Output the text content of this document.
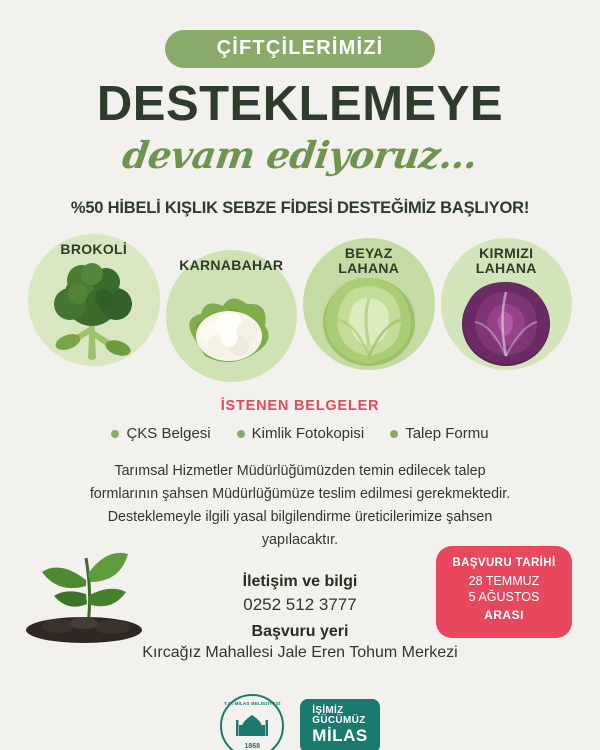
ÇİFTÇİLERİMİZİ
DESTEKLEMEYE
devam ediyoruz...
%50 HİBELİ KIŞLIK SEBZE FİDESİ DESTEĞİMİZ BAŞLIYOR!
BROKOLİ
KARNABAHAR
BEYAZ
LAHANA
KIRMIZI
LAHANA
İSTENEN BELGELER
ÇKS Belgesi	Kimlik Fotokopisi	Talep Formu
Tarımsal Hizmetler Müdürlüğümüzden temin edilecek talep formlarının şahsen Müdürlüğümüze teslim edilmesi gerekmektedir. Desteklemeyle ilgili yasal bilgilendirme üreticilerimize şahsen yapılacaktır.
İletişim ve bilgi
0252 512 3777
Başvuru yeri
Kırcağız Mahallesi Jale Eren Tohum Merkezi
BAŞVURU TARİHİ
28 TEMMUZ
5 AĞUSTOS
ARASI
T.C. MİLAS BELEDİYESİ
1868
İŞİMİZ
GÜCÜMÜZ
MİLAS
